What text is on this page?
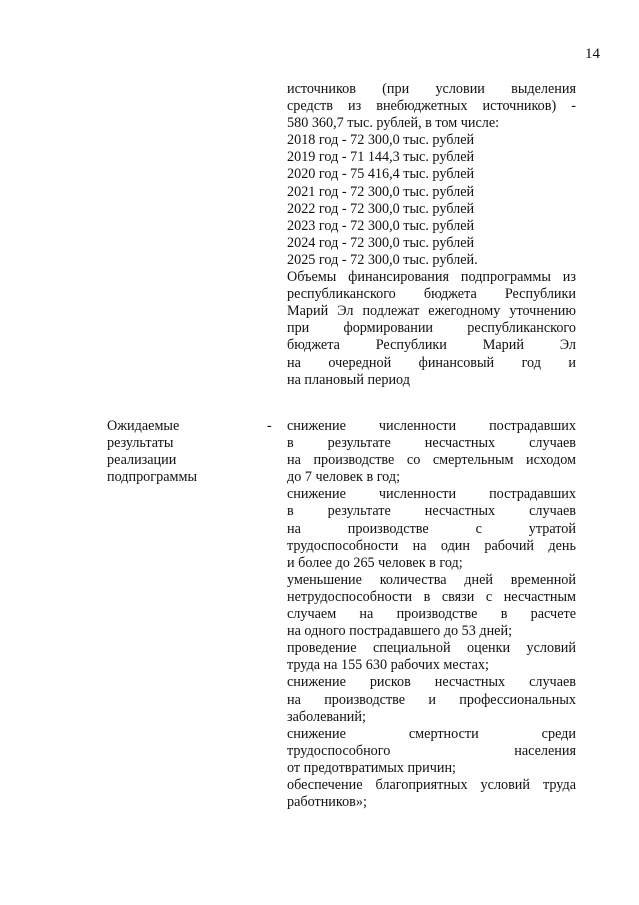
14
источников (при условии выделения
средств из внебюджетных источников) -
580 360,7 тыс. рублей, в том числе:
2018 год - 72 300,0 тыс. рублей
2019 год - 71 144,3 тыс. рублей
2020 год - 75 416,4 тыс. рублей
2021 год - 72 300,0 тыс. рублей
2022 год - 72 300,0 тыс. рублей
2023 год - 72 300,0 тыс. рублей
2024 год - 72 300,0 тыс. рублей
2025 год - 72 300,0 тыс. рублей.
Объемы финансирования подпрограммы из
республиканского бюджета Республики
Марий Эл подлежат ежегодному уточнению
при формировании республиканского
бюджета Республики Марий Эл
на очередной финансовый год и
на плановый период
Ожидаемые
результаты
реализации
подпрограммы
- снижение численности пострадавших
в результате несчастных случаев
на производстве со смертельным исходом
до 7 человек в год;
снижение численности пострадавших
в результате несчастных случаев
на производстве с утратой
трудоспособности на один рабочий день
и более до 265 человек в год;
уменьшение количества дней временной
нетрудоспособности в связи с несчастным
случаем на производстве в расчете
на одного пострадавшего до 53 дней;
проведение специальной оценки условий
труда на 155 630 рабочих местах;
снижение рисков несчастных случаев
на производстве и профессиональных
заболеваний;
снижение смертности среди
трудоспособного населения
от предотвратимых причин;
обеспечение благоприятных условий труда
работников»;
